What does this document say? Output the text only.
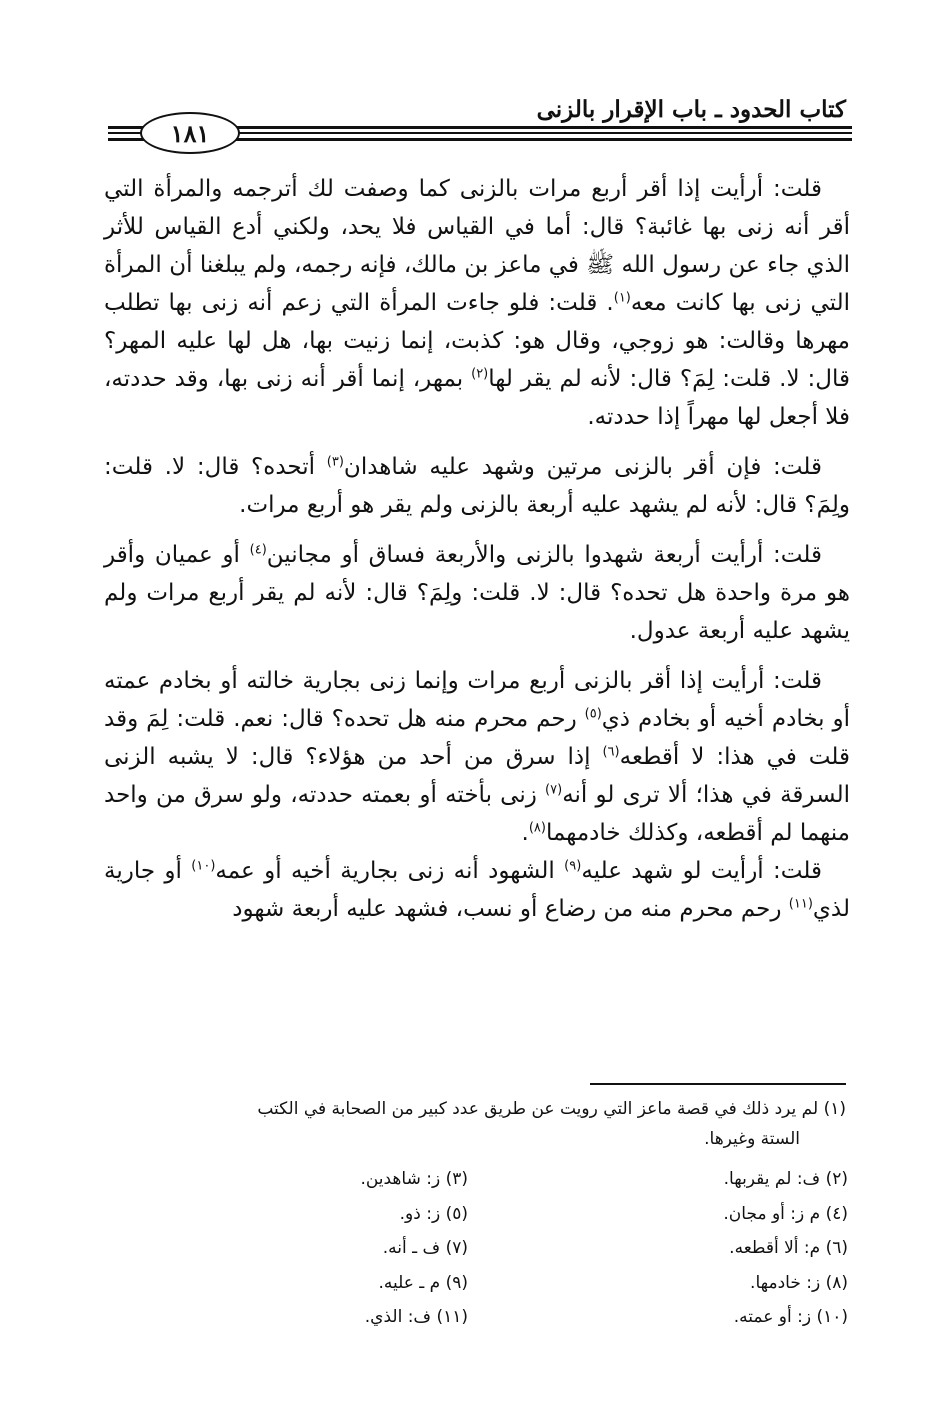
كتاب الحدود ـ باب الإقرار بالزنى
١٨١

قلت: أرأيت إذا أقر أربع مرات بالزنى كما وصفت لك أترجمه والمرأة التي أقر أنه زنى بها غائبة؟ قال: أما في القياس فلا يحد، ولكني أدع القياس للأثر الذي جاء عن رسول الله ﷺ في ماعز بن مالك، فإنه رجمه، ولم يبلغنا أن المرأة التي زنى بها كانت معه$^{(١)}$. قلت: فلو جاءت المرأة التي زعم أنه زنى بها تطلب مهرها وقالت: هو زوجي، وقال هو: كذبت، إنما زنيت بها، هل لها عليه المهر؟ قال: لا. قلت: لِمَ؟ قال: لأنه لم يقر لها$^{(٢)}$ بمهر، إنما أقر أنه زنى بها، وقد حددته، فلا أجعل لها مهراً إذا حددته.

قلت: فإن أقر بالزنى مرتين وشهد عليه شاهدان$^{(٣)}$ أتحده؟ قال: لا. قلت: ولِمَ؟ قال: لأنه لم يشهد عليه أربعة بالزنى ولم يقر هو أربع مرات.

قلت: أرأيت أربعة شهدوا بالزنى والأربعة فساق أو مجانين$^{(٤)}$ أو عميان وأقر هو مرة واحدة هل تحده؟ قال: لا. قلت: ولِمَ؟ قال: لأنه لم يقر أربع مرات ولم يشهد عليه أربعة عدول.

قلت: أرأيت إذا أقر بالزنى أربع مرات وإنما زنى بجارية خالته أو بخادم عمته أو بخادم أخيه أو بخادم ذي$^{(٥)}$ رحم محرم منه هل تحده؟ قال: نعم. قلت: لِمَ وقد قلت في هذا: لا أقطعه$^{(٦)}$ إذا سرق من أحد من هؤلاء؟ قال: لا يشبه الزنى السرقة في هذا؛ ألا ترى لو أنه$^{(٧)}$ زنى بأخته أو بعمته حددته، ولو سرق من واحد منهما لم أقطعه، وكذلك خادمهما$^{(٨)}$.

قلت: أرأيت لو شهد عليه$^{(٩)}$ الشهود أنه زنى بجارية أخيه أو عمه$^{(١٠)}$ أو جارية لذي$^{(١١)}$ رحم محرم منه من رضاع أو نسب، فشهد عليه أربعة شهود

(١) لم يرد ذلك في قصة ماعز التي رويت عن طريق عدد كبير من الصحابة في الكتب
الستة وغيرها.
(٢) ف: لم يقربها.
(٤) م ز: أو مجان.
(٦) م: ألا أقطعه.
(٨) ز: خادمها.
(١٠) ز: أو عمته.
(٣) ز: شاهدين.
(٥) ز: ذو.
(٧) ف ـ أنه.
(٩) م ـ عليه.
(١١) ف: الذي.
